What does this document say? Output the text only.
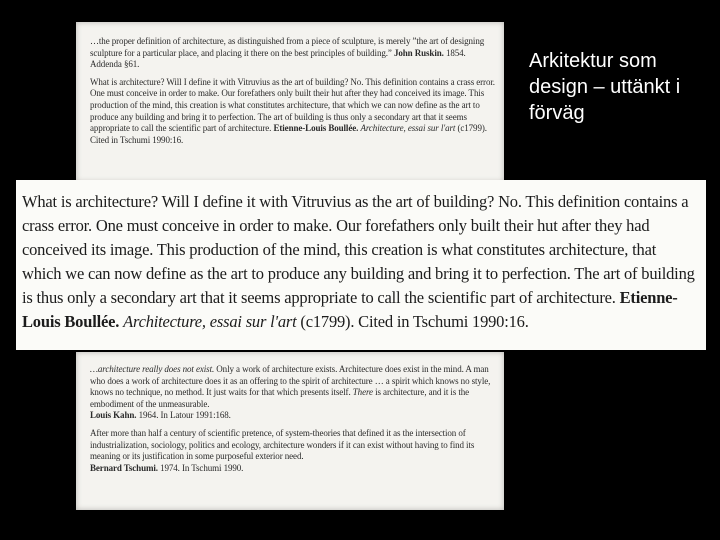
…the proper definition of architecture, as distinguished from a piece of sculpture, is merely ”the art of designing sculpture for a particular place, and placing it there on the best principles of building.” John Ruskin. 1854. Addenda §61.

What is architecture? Will I define it with Vitruvius as the art of building? No. This definition contains a crass error. One must conceive in order to make. Our forefathers only built their hut after they had conceived its image. This production of the mind, this creation is what constitutes architecture, that which we can now define as the art to produce any building and bring it to perfection. The art of building is thus only a secondary art that it seems appropriate to call the scientific part of architecture. Etienne-Louis Boullée. Architecture, essai sur l'art (c1799). Cited in Tschumi 1990:16.

What is architecture? Will I define it with Vitruvius as the art of building? No. This definition contains a crass error. One must conceive in order to make. Our forefathers only built their hut after they had conceived its image. This production of the mind, this creation is what constitutes architecture, that which we can now define as the art to produce any building and bring it to perfection. The art of building is thus only a secondary art that it seems appropriate to call the scientific part of architecture. Etienne-Louis Boullée. Architecture, essai sur l'art (c1799). Cited in Tschumi 1990:16.

…architecture really does not exist. Only a work of architecture exists. Architecture does exist in the mind. A man who does a work of architecture does it as an offering to the spirit of architecture … a spirit which knows no style, knows no technique, no method. It just waits for that which presents itself. There is architecture, and it is the embodiment of the unmeasurable.
Louis Kahn. 1964. In Latour 1991:168.

After more than half a century of scientific pretence, of system-theories that defined it as the intersection of industrialization, sociology, politics and ecology, architecture wonders if it can exist without having to find its meaning or its justification in some purposeful exterior need.
Bernard Tschumi. 1974. In Tschumi 1990.

Arkitektur som design – uttänkt i förväg
